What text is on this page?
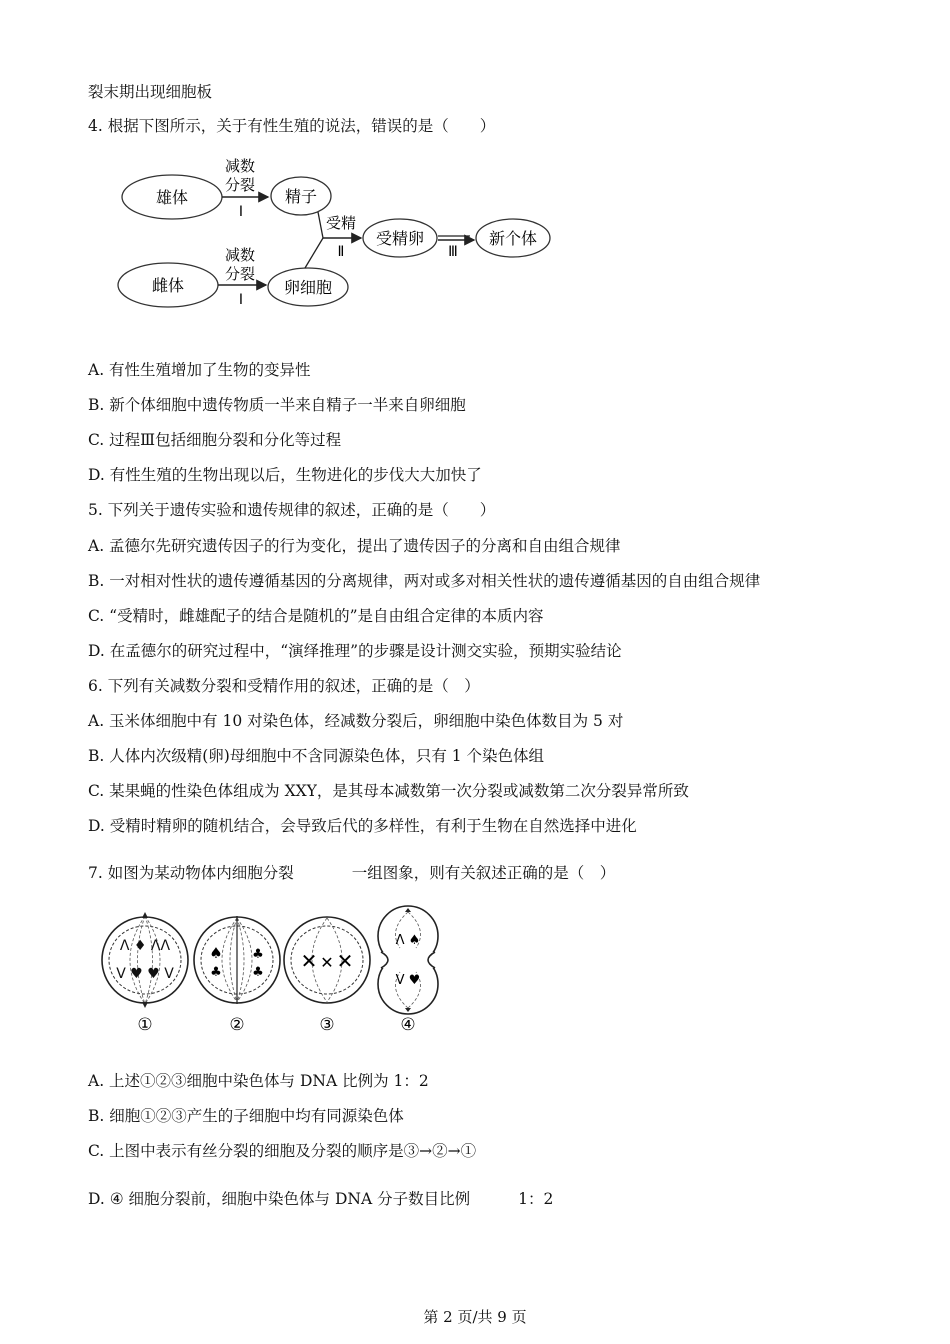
裂末期出现细胞板
4. 根据下图所示，关于有性生殖的说法，错误的是（　　）
雄体
雌体
精子
卵细胞
受精卵	新个体
减数
分裂
Ⅰ
减数
分裂
Ⅰ
受精
Ⅱ	Ⅲ
A. 有性生殖增加了生物的变异性
B. 新个体细胞中遗传物质一半来自精子一半来自卵细胞
C. 过程Ⅲ包括细胞分裂和分化等过程
D. 有性生殖的生物出现以后，生物进化的步伐大大加快了
5. 下列关于遗传实验和遗传规律的叙述，正确的是（　　）
A. 孟德尔先研究遗传因子的行为变化，提出了遗传因子的分离和自由组合规律
B. 一对相对性状的遗传遵循基因的分离规律，两对或多对相关性状的遗传遵循基因的自由组合规律
C. “受精时，雌雄配子的结合是随机的”是自由组合定律的本质内容
D. 在孟德尔的研究过程中，“演绎推理”的步骤是设计测交实验，预期实验结论
6. 下列有关减数分裂和受精作用的叙述，正确的是（　）
A. 玉米体细胞中有 10 对染色体，经减数分裂后，卵细胞中染色体数目为 5 对
B. 人体内次级精(卵)母细胞中不含同源染色体，只有 1 个染色体组
C. 某果蝇的性染色体组成为 XXY，是其母本减数第一次分裂或减数第二次分裂异常所致
D. 受精时精卵的随机结合，会导致后代的多样性，有利于生物在自然选择中进化
7. 如图为某动物体内细胞分裂	一组图象，则有关叙述正确的是（　）
Λ ♦ ΛΛ
V ♥ ♥ V
♠
♣
♣
♣ ✕ ✕ ✕
Λ ♠
V ♥
①	②	③	④
A. 上述①②③细胞中染色体与 DNA 比例为 1：2
B. 细胞①②③产生的子细胞中均有同源染色体
C. 上图中表示有丝分裂的细胞及分裂的顺序是③→②→①
D. ④ 细胞分裂前，细胞中染色体与 DNA 分子数目比例	1：2
第 2 页/共 9 页
